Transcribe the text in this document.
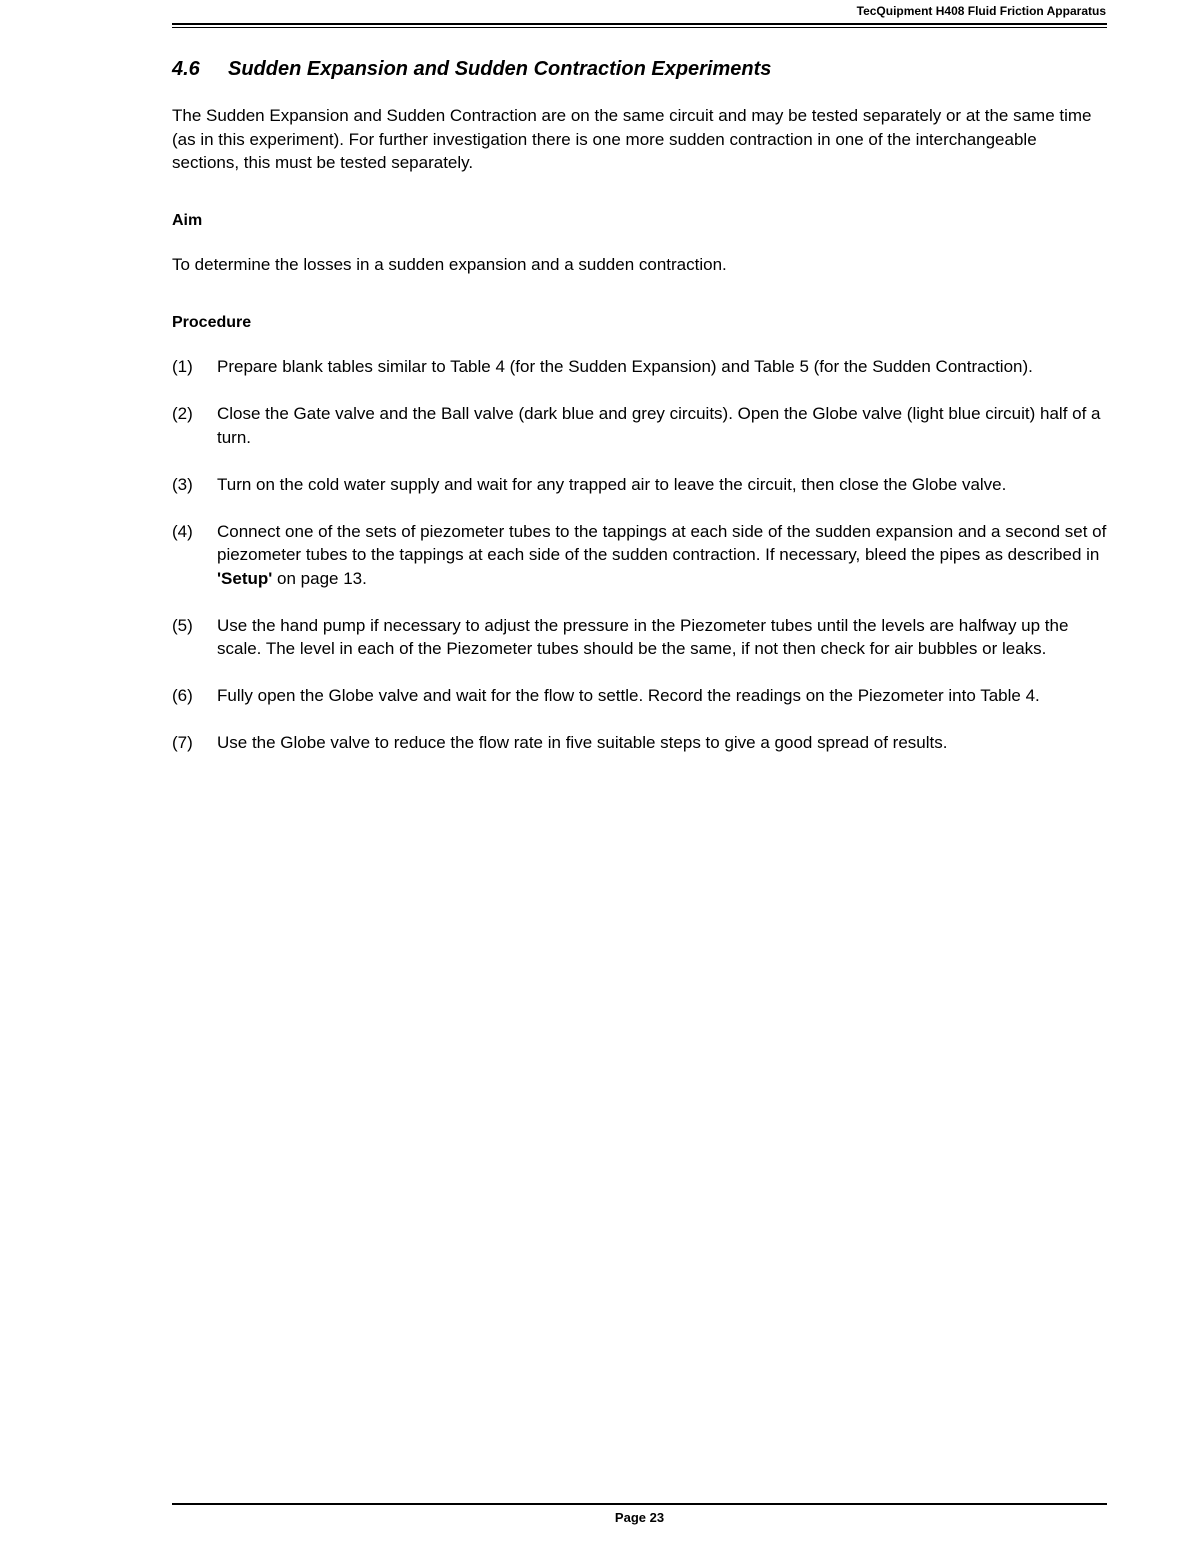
TecQuipment H408 Fluid Friction Apparatus
4.6 Sudden Expansion and Sudden Contraction Experiments

The Sudden Expansion and Sudden Contraction are on the same circuit and may be tested separately or at the same time (as in this experiment). For further investigation there is one more sudden contraction in one of the interchangeable sections, this must be tested separately.

Aim

To determine the losses in a sudden expansion and a sudden contraction.

Procedure
(1) Prepare blank tables similar to Table 4 (for the Sudden Expansion) and Table 5 (for the Sudden Contraction).
(2) Close the Gate valve and the Ball valve (dark blue and grey circuits). Open the Globe valve (light blue circuit) half of a turn.
(3) Turn on the cold water supply and wait for any trapped air to leave the circuit, then close the Globe valve.
(4) Connect one of the sets of piezometer tubes to the tappings at each side of the sudden expansion and a second set of piezometer tubes to the tappings at each side of the sudden contraction. If necessary, bleed the pipes as described in 'Setup' on page 13.
(5) Use the hand pump if necessary to adjust the pressure in the Piezometer tubes until the levels are halfway up the scale. The level in each of the Piezometer tubes should be the same, if not then check for air bubbles or leaks.
(6) Fully open the Globe valve and wait for the flow to settle. Record the readings on the Piezometer into Table 4.
(7) Use the Globe valve to reduce the flow rate in five suitable steps to give a good spread of results.
Page 23
